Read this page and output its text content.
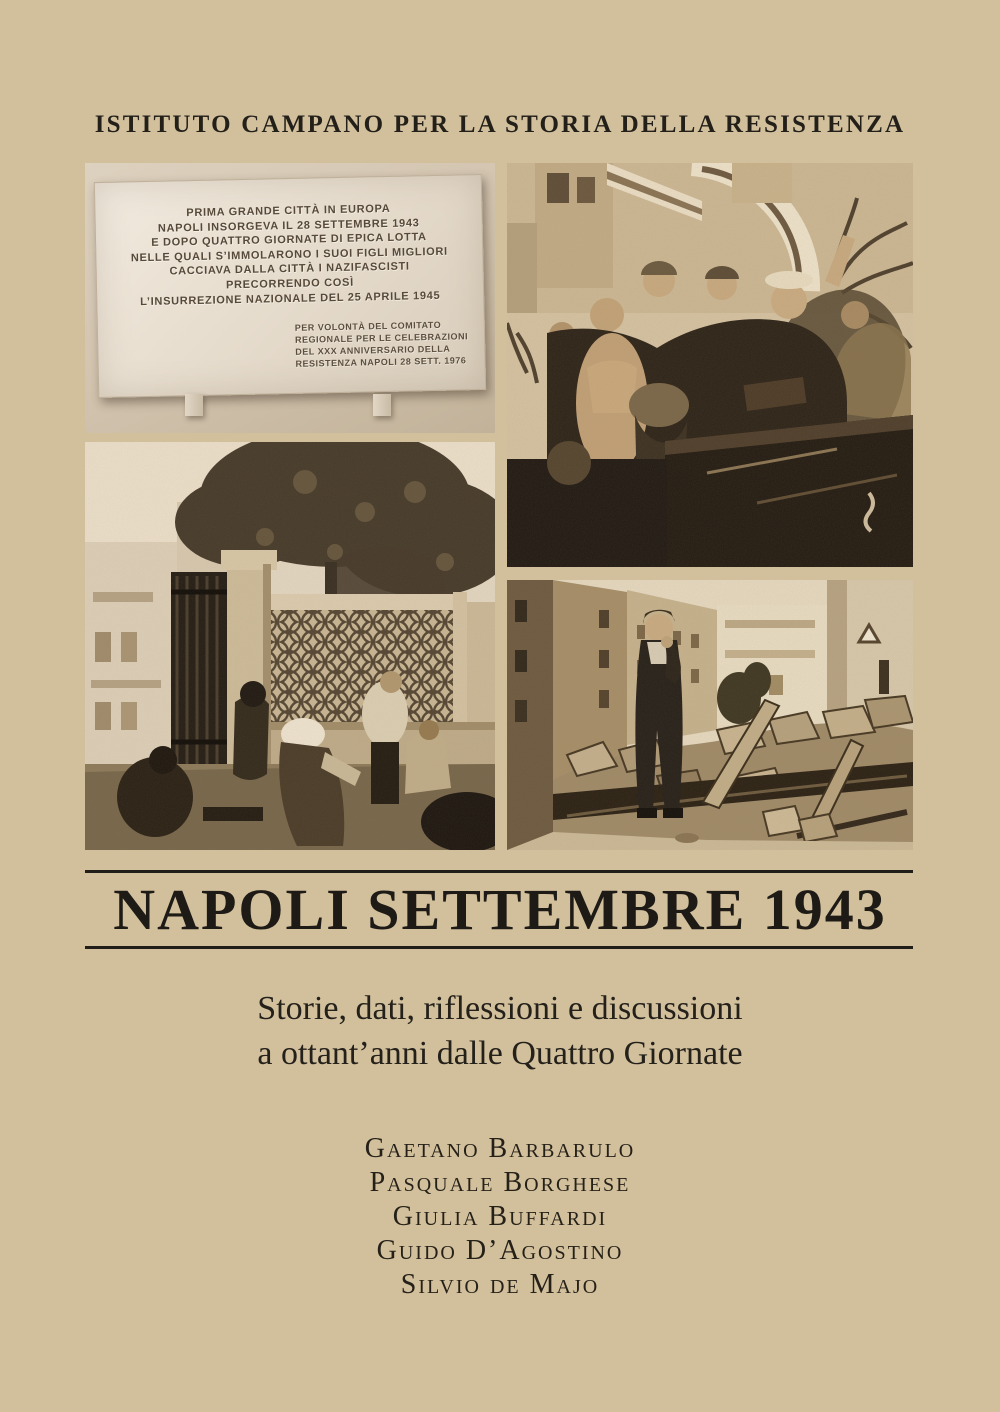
ISTITUTO CAMPANO PER LA STORIA DELLA RESISTENZA
PRIMA GRANDE CITTÀ IN EUROPA
NAPOLI INSORGEVA IL 28 SETTEMBRE 1943
E DOPO QUATTRO GIORNATE DI EPICA LOTTA
NELLE QUALI S’IMMOLARONO I SUOI FIGLI MIGLIORI
CACCIAVA DALLA CITTÀ I NAZIFASCISTI
PRECORRENDO COSÌ
L’INSURREZIONE NAZIONALE DEL 25 APRILE 1945
PER VOLONTÀ DEL COMITATO
REGIONALE PER LE CELEBRAZIONI
DEL XXX ANNIVERSARIO DELLA
RESISTENZA NAPOLI 28 SETT. 1976
NAPOLI SETTEMBRE 1943
Storie, dati, riflessioni e discussioni
a ottant’anni dalle Quattro Giornate
Gaetano Barbarulo
Pasquale Borghese
Giulia Buffardi
Guido D’Agostino
Silvio de Majo
